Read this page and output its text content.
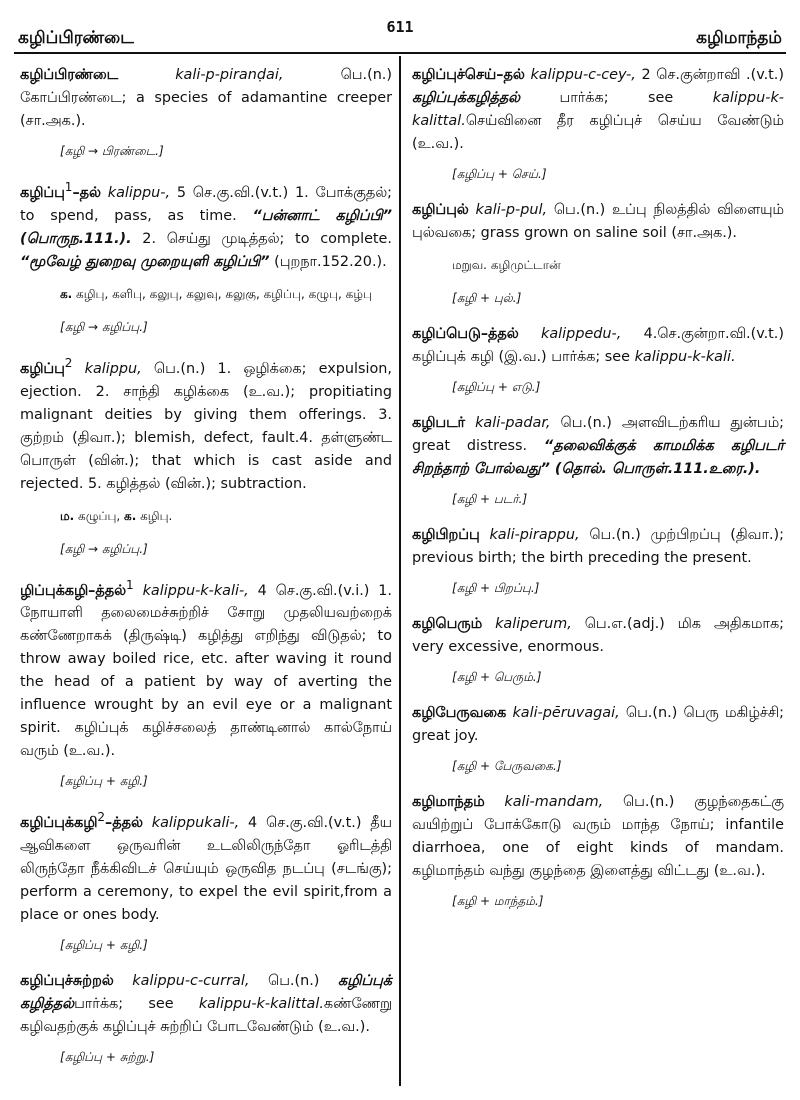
கழிப்பிரண்டை
611
கழிமாந்தம்

கழிப்பிரண்டை	kali-p-piranḍai, பெ.(n.) கோப்பிரண்டை; a species of adamantine creeper (சா.அக.).

[ கழி → பிரண்டை. ]

கழிப்பு$^1$–தல் kalippu-, 5 செ.கு.வி.(v.t.) 1. போக்குதல்; to spend, pass, as time. “பன்னாட் கழிப்பி” (பொருந.111.). 2. செய்து முடித்தல்; to complete. “மூவேழ் துறைவு முறையுளி கழிப்பி” (புறநா.152.20.).

க. கழிபு, களிபு, கலுபு, கலுவு, கலுகு, கழிப்பு, கழுபு, கழ்பு
[ கழி → கழிப்பு. ]

கழிப்பு$^2$ kalippu, பெ.(n.) 1. ஒழிக்கை; expulsion, ejection. 2. சாந்தி கழிக்கை (உ.வ.); propitiating malignant deities by giving them offerings. 3. குற்றம் (திவா.); blemish, defect, fault.4. தள்ளுண்ட பொருள் (வின்.); that which is cast aside and rejected. 5. கழித்தல் (வின்.); subtraction.

ம. கழுப்பு, க. கழிபு.
[ கழி → கழிப்பு. ]

ழிப்புக்கழி–த்தல்$^1$ kalippu-k-kali-, 4 செ.கு.வி.(v.i.) 1. நோயாளி தலைமைச்சுற்றிச் சோறு முதலியவற்றைக் கண்ணேறாகக் (திருஷ்டி) கழித்து எறிந்து விடுதல்; to throw away boiled rice, etc. after waving it round the head of a patient by way of averting the influence wrought by an evil eye or a malignant spirit. கழிப்புக் கழிச்சலைத் தாண்டினால் கால்நோய் வரும் (உ.வ.).

[ கழிப்பு + கழி. ]

கழிப்புக்கழி$^2$–த்தல் kalippukali-, 4 செ.கு.வி.(v.t.) தீய ஆவிகளை ஒருவரின் உடலிலிருந்தோ ஓரிடத்தி லிருந்தோ நீக்கிவிடச் செய்யும் ஒருவித நடப்பு (சடங்கு); perform a ceremony, to expel the evil spirit,from a place or ones body.

[ கழிப்பு + கழி. ]

கழிப்புச்சுற்றல் kalippu-c-curral, பெ.(n.) கழிப்புக் கழித்தல்பார்க்க; see kalippu-k-kalittal.கண்ணேறு கழிவதற்குக் கழிப்புச் சுற்றிப் போடவேண்டும் (உ.வ.).

[ கழிப்பு + சுற்று. ]

கழிப்புச்செய்–தல் kalippu-c-cey-, 2 செ.குன்றாவி .(v.t.) கழிப்புக்கழித்தல் பார்க்க; see kalippu-k-kalittal.செய்வினை தீர கழிப்புச் செய்ய வேண்டும் (உ.வ.).

[ கழிப்பு + செய். ]

கழிப்புல் kali-p-pul, பெ.(n.) உப்பு நிலத்தில் விளையும் புல்வகை; grass grown on saline soil (சா.அக.).

மறுவ. கழிமுட்டான்
[ கழி + புல். ]

கழிப்பெடு–த்தல் kalippedu-, 4.செ.குன்றா.வி.(v.t.) கழிப்புக் கழி (இ.வ.) பார்க்க; see kalippu-k-kali.

[ கழிப்பு + எடு. ]

கழிபடர் kali-padar, பெ.(n.) அளவிடற்கரிய துன்பம்; great distress. “தலைவிக்குக் காமமிக்க கழிபடர் சிறந்தாற் போல்வது” (தொல். பொருள்.111.உரை.).

[ கழி + படர். ]

கழிபிறப்பு kali-pirappu, பெ.(n.) முற்பிறப்பு (திவா.); previous birth; the birth preceding the present.

[ கழி + பிறப்பு. ]

கழிபெரும் kaliperum, பெ.எ.(adj.) மிக அதிகமாக; very excessive, enormous.

[ கழி + பெரும். ]

கழிபேருவகை kali-pēruvagai, பெ.(n.) பெரு மகிழ்ச்சி; great joy.

[ கழி + பேருவகை. ]

கழிமாந்தம் kali-mandam, பெ.(n.) குழந்தைகட்கு வயிற்றுப் போக்கோடு வரும் மாந்த நோய்; infantile diarrhoea, one of eight kinds of mandam. கழிமாந்தம் வந்து குழந்தை இளைத்து விட்டது (உ.வ.).

[ கழி + மாந்தம். ]
